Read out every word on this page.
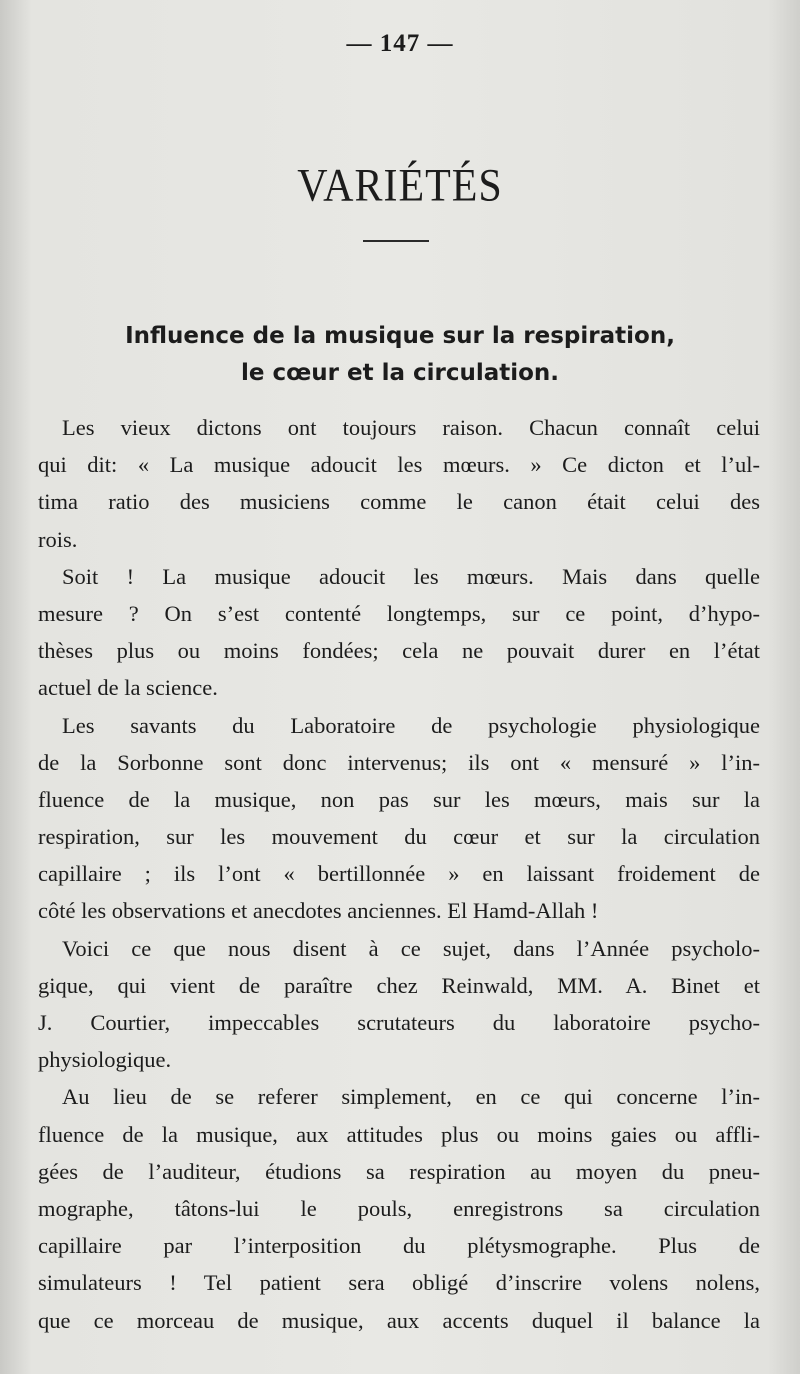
— 147 —
VARIÉTÉS
Influence de la musique sur la respiration,
le cœur et la circulation.
Les vieux dictons ont toujours raison. Chacun connaît celui
qui dit: « La musique adoucit les mœurs. » Ce dicton et l’ul-
tima ratio des musiciens comme le canon était celui des
rois.
Soit ! La musique adoucit les mœurs. Mais dans quelle
mesure ? On s’est contenté longtemps, sur ce point, d’hypo-
thèses plus ou moins fondées; cela ne pouvait durer en l’état
actuel de la science.
Les savants du Laboratoire de psychologie physiologique
de la Sorbonne sont donc intervenus; ils ont « mensuré » l’in-
fluence de la musique, non pas sur les mœurs, mais sur la
respiration, sur les mouvement du cœur et sur la circulation
capillaire ; ils l’ont « bertillonnée » en laissant froidement de
côté les observations et anecdotes anciennes. El Hamd-Allah !
Voici ce que nous disent à ce sujet, dans l’Année psycholo-
gique, qui vient de paraître chez Reinwald, MM. A. Binet et
J. Courtier, impeccables scrutateurs du laboratoire psycho-
physiologique.
Au lieu de se referer simplement, en ce qui concerne l’in-
fluence de la musique, aux attitudes plus ou moins gaies ou affli-
gées de l’auditeur, étudions sa respiration au moyen du pneu-
mographe, tâtons-lui le pouls, enregistrons sa circulation
capillaire par l’interposition du plétysmographe. Plus de
simulateurs ! Tel patient sera obligé d’inscrire volens nolens,
que ce morceau de musique, aux accents duquel il balance la
